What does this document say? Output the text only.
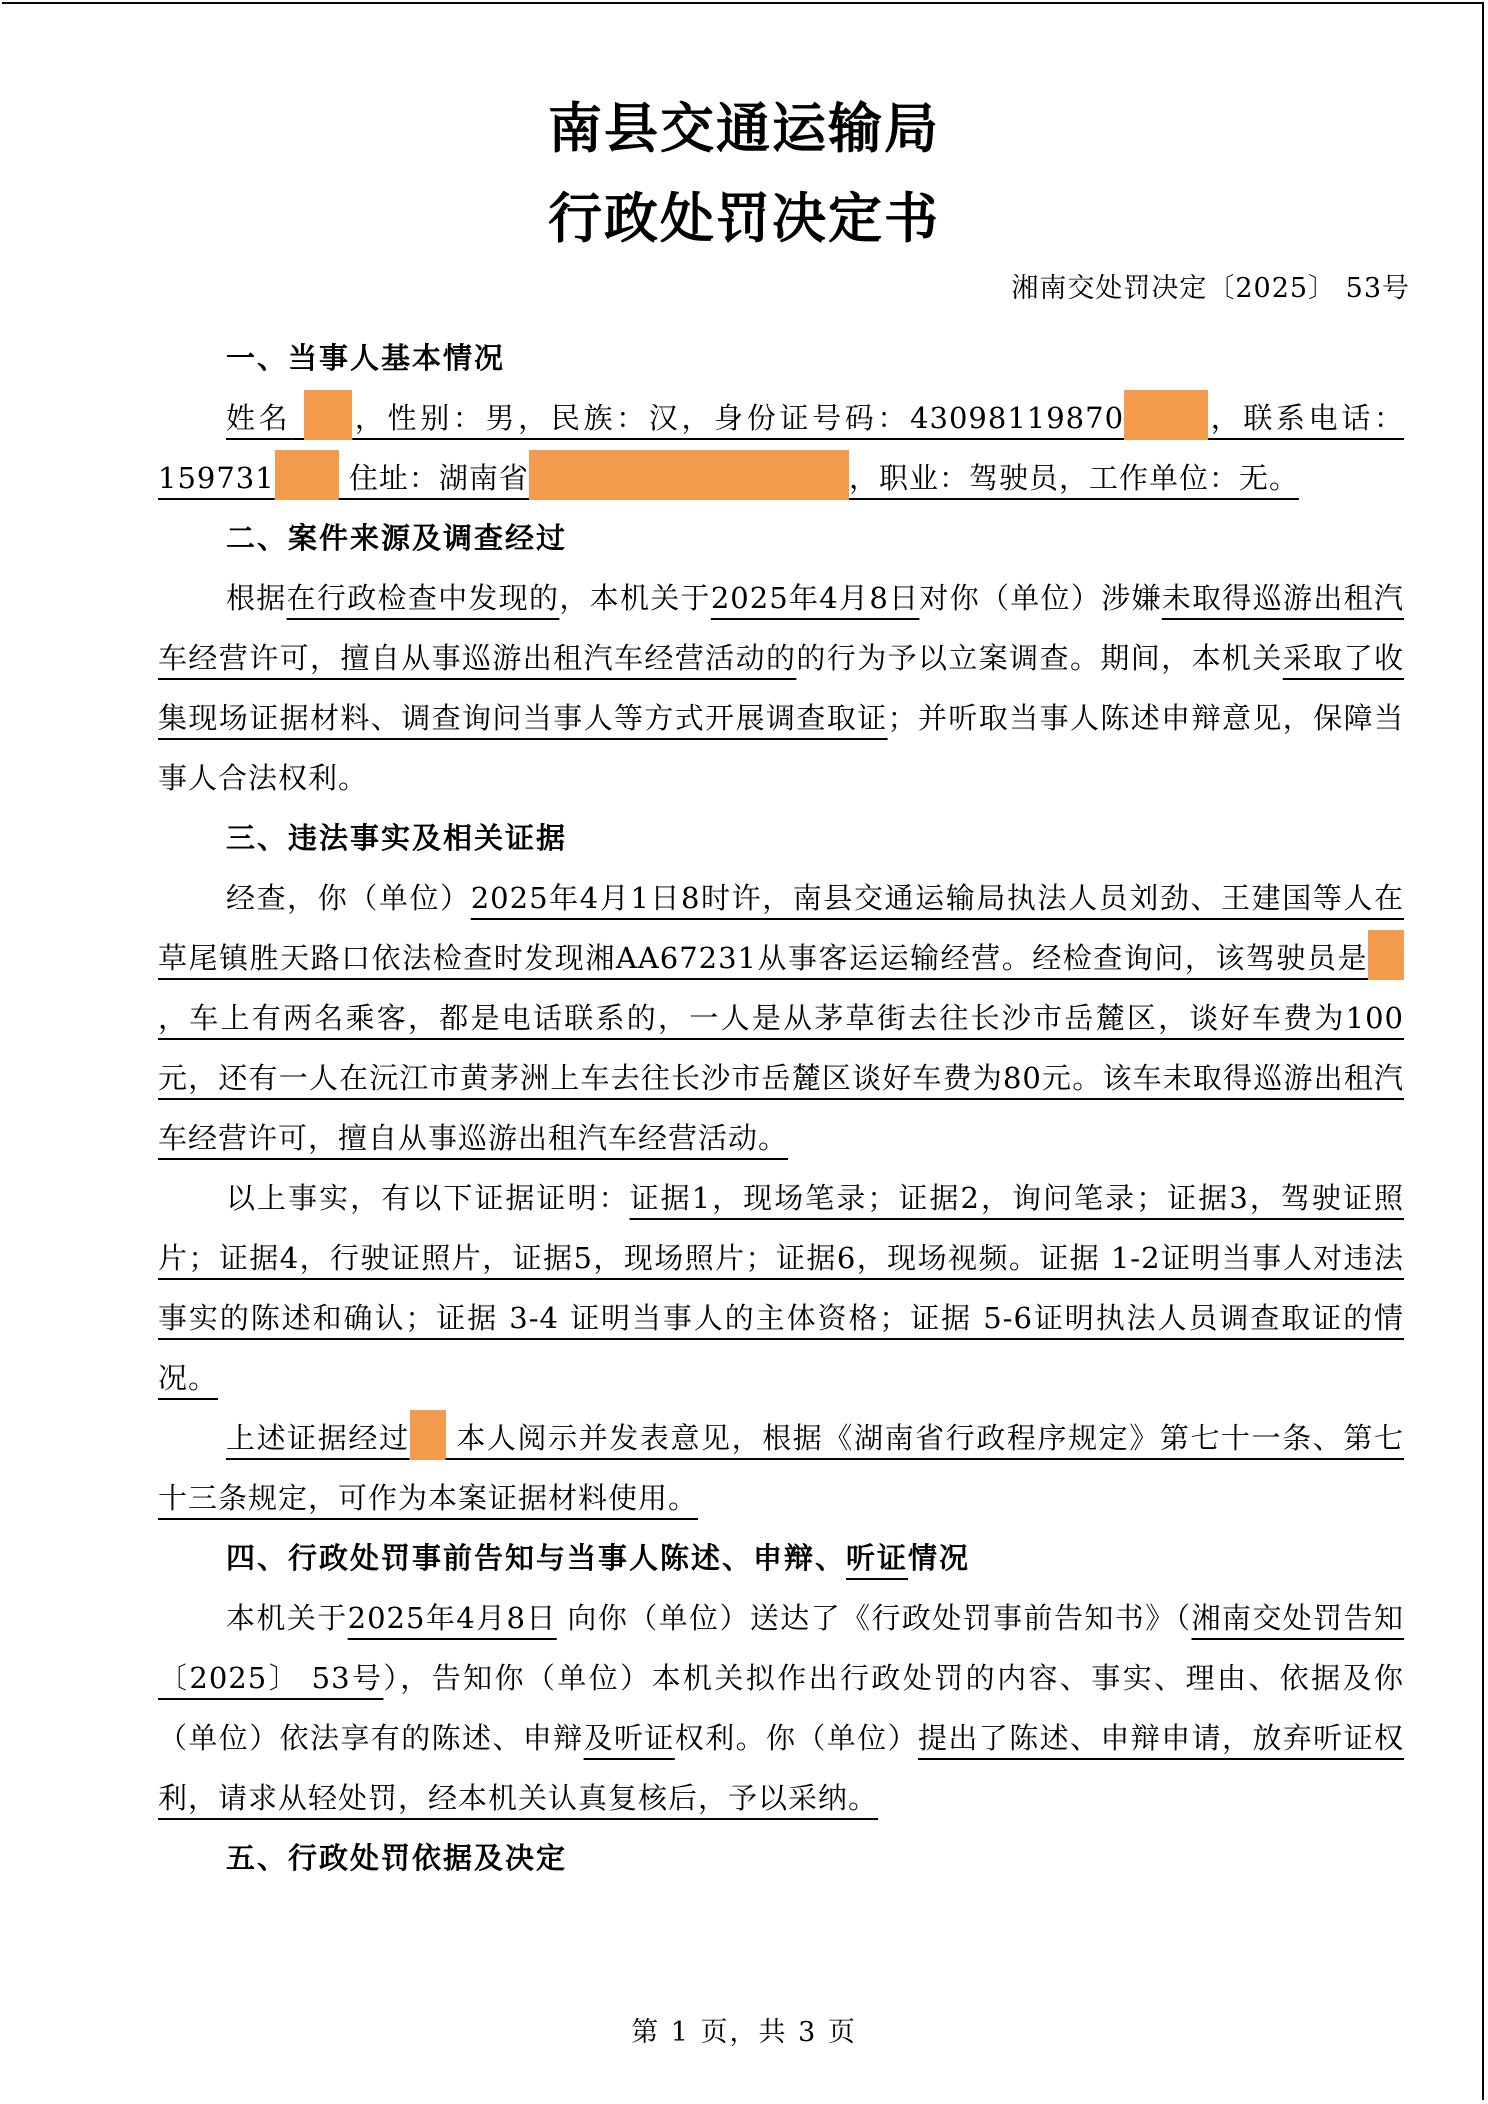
南县交通运输局
行政处罚决定书
湘南交处罚决定〔2025〕 53号
一、当事人基本情况

姓名 ，性别：男，民族：汉，身份证号码：43098119870	，联系电话：159731 住址：湖南省	，职业：驾驶员，工作单位：无。

二、案件来源及调查经过

根据在行政检查中发现的，本机关于2025年4月8日对你（单位）涉嫌未取得巡游出租汽车经营许可，擅自从事巡游出租汽车经营活动的的行为予以立案调查。期间，本机关采取了收集现场证据材料、调查询问当事人等方式开展调查取证；并听取当事人陈述申辩意见，保障当事人合法权利。

三、违法事实及相关证据

经查，你（单位）2025年4月1日8时许，南县交通运输局执法人员刘劲、王建国等人在草尾镇胜天路口依法检查时发现湘AA67231从事客运运输经营。经检查询问，该驾驶员是，车上有两名乘客，都是电话联系的，一人是从茅草街去往长沙市岳麓区，谈好车费为100元，还有一人在沅江市黄茅洲上车去往长沙市岳麓区谈好车费为80元。该车未取得巡游出租汽车经营许可，擅自从事巡游出租汽车经营活动。

以上事实，有以下证据证明：证据1，现场笔录；证据2，询问笔录；证据3，驾驶证照片；证据4，行驶证照片，证据5，现场照片；证据6，现场视频。证据 1-2证明当事人对违法事实的陈述和确认；证据 3-4 证明当事人的主体资格；证据 5-6证明执法人员调查取证的情况。

上述证据经过 本人阅示并发表意见，根据《湖南省行政程序规定》第七十一条、第七十三条规定，可作为本案证据材料使用。

四、行政处罚事前告知与当事人陈述、申辩、听证情况

本机关于2025年4月8日 向你（单位）送达了《行政处罚事前告知书》（湘南交处罚告知〔2025〕 53号），告知你（单位）本机关拟作出行政处罚的内容、事实、理由、依据及你（单位）依法享有的陈述、申辩及听证权利。你（单位）提出了陈述、申辩申请，放弃听证权利，请求从轻处罚，经本机关认真复核后，予以采纳。

五、行政处罚依据及决定
第 1 页，共 3 页
